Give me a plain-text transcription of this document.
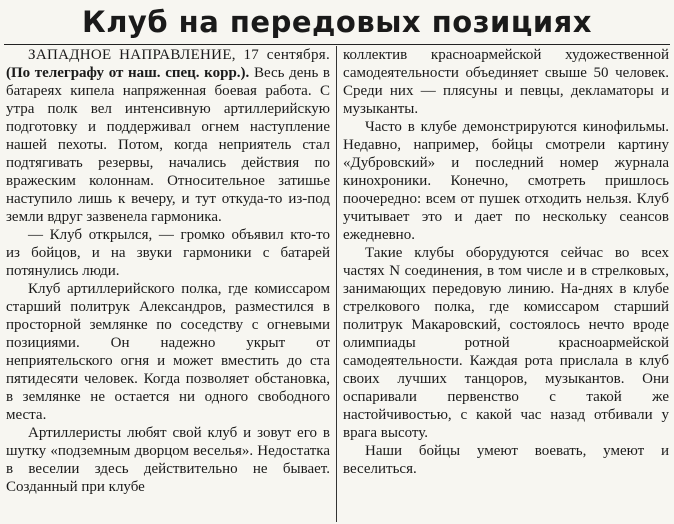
Клуб на передовых позициях

ЗАПАДНОЕ НАПРАВЛЕНИЕ, 17 сентября. (По телеграфу от наш. спец. корр.). Весь день в батареях кипела напряженная боевая работа. С утра полк вел интенсивную артиллерийскую подготовку и поддерживал огнем наступление нашей пехоты. Потом, когда неприятель стал подтягивать резервы, начались действия по вражеским колоннам. Относительное затишье наступило лишь к вечеру, и тут откуда-то из-под земли вдруг зазвенела гармоника.

— Клуб открылся, — громко объявил кто-то из бойцов, и на звуки гармоники с батарей потянулись люди.

Клуб артиллерийского полка, где комиссаром старший политрук Александров, разместился в просторной землянке по соседству с огневыми позициями. Он надежно укрыт от неприятельского огня и может вместить до ста пятидесяти человек. Когда позволяет обстановка, в землянке не остается ни одного свободного места.

Артиллеристы любят свой клуб и зовут его в шутку «подземным дворцом веселья». Недостатка в веселии здесь действительно не бывает. Созданный при клубе

коллектив красноармейской художественной самодеятельности объединяет свыше 50 человек. Среди них — плясуны и певцы, декламаторы и музыканты.

Часто в клубе демонстрируются кинофильмы. Недавно, например, бойцы смотрели картину «Дубровский» и последний номер журнала кинохроники. Конечно, смотреть пришлось поочередно: всем от пушек отходить нельзя. Клуб учитывает это и дает по нескольку сеансов ежедневно.

Такие клубы оборудуются сейчас во всех частях N соединения, в том числе и в стрелковых, занимающих передовую линию. На-днях в клубе стрелкового полка, где комиссаром старший политрук Макаровский, состоялось нечто вроде олимпиады ротной красноармейской самодеятельности. Каждая рота прислала в клуб своих лучших танцоров, музыкантов. Они оспаривали первенство с такой же настойчивостью, с какой час назад отбивали у врага высоту.

Наши бойцы умеют воевать, умеют и веселиться.
